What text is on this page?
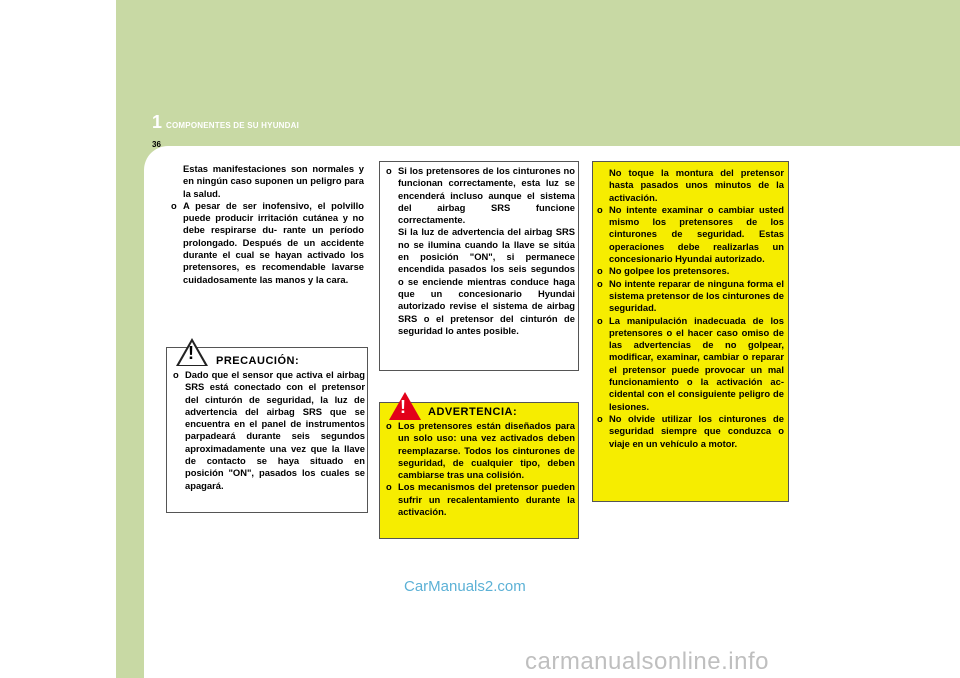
1 COMPONENTES DE SU HYUNDAI
36

Estas manifestaciones son normales y en ningún caso suponen un peligro para la salud.

o A pesar de ser inofensivo, el polvillo puede producir irritación cutánea y no debe respirarse du- rante un período prolongado. Después de un accidente durante el cual se hayan activado los pretensores, es recomendable lavarse cuidadosamente las manos y la cara.
! PRECAUCIÓN:
o Dado que el sensor que activa el airbag SRS está conectado con el pretensor del cinturón de seguridad, la luz de advertencia del airbag SRS que se encuentra en el panel de instrumentos parpadeará durante seis segundos aproximadamente una vez que la llave de contacto se haya situado en posición "ON", pasados los cuales se apagará.
o Si los pretensores de los cinturones no funcionan correctamente, esta luz se encenderá incluso aunque el sistema del airbag SRS funcione correctamente.

Si la luz de advertencia del airbag SRS no se ilumina cuando la llave se sitúa en posición "ON", si permanece encendida pasados los seis segundos o se enciende mientras conduce haga que un concesionario Hyundai autorizado revise el sistema de airbag SRS o el pretensor del cinturón de seguridad lo antes posible.

! ADVERTENCIA:
o Los pretensores están diseñados para un solo uso: una vez activados deben reemplazarse. Todos los cinturones de seguridad, de cualquier tipo, deben cambiarse tras una colisión.
o Los mecanismos del pretensor pueden sufrir un recalentamiento durante la activación.

No toque la montura del pretensor hasta pasados unos minutos de la activación.

o No intente examinar o cambiar usted mismo los pretensores de los cinturones de seguridad. Estas operaciones debe realizarlas un concesionario Hyundai autorizado.
o No golpee los pretensores.
o No intente reparar de ninguna forma el sistema pretensor de los cinturones de seguridad.
o La manipulación inadecuada de los pretensores o el hacer caso omiso de las advertencias de no golpear, modificar, examinar, cambiar o reparar el pretensor puede provocar un mal funcionamiento o la activación ac- cidental con el consiguiente peligro de lesiones.
o No olvide utilizar los cinturones de seguridad siempre que conduzca o viaje en un vehículo a motor.
CarManuals2.com
carmanualsonline.info
